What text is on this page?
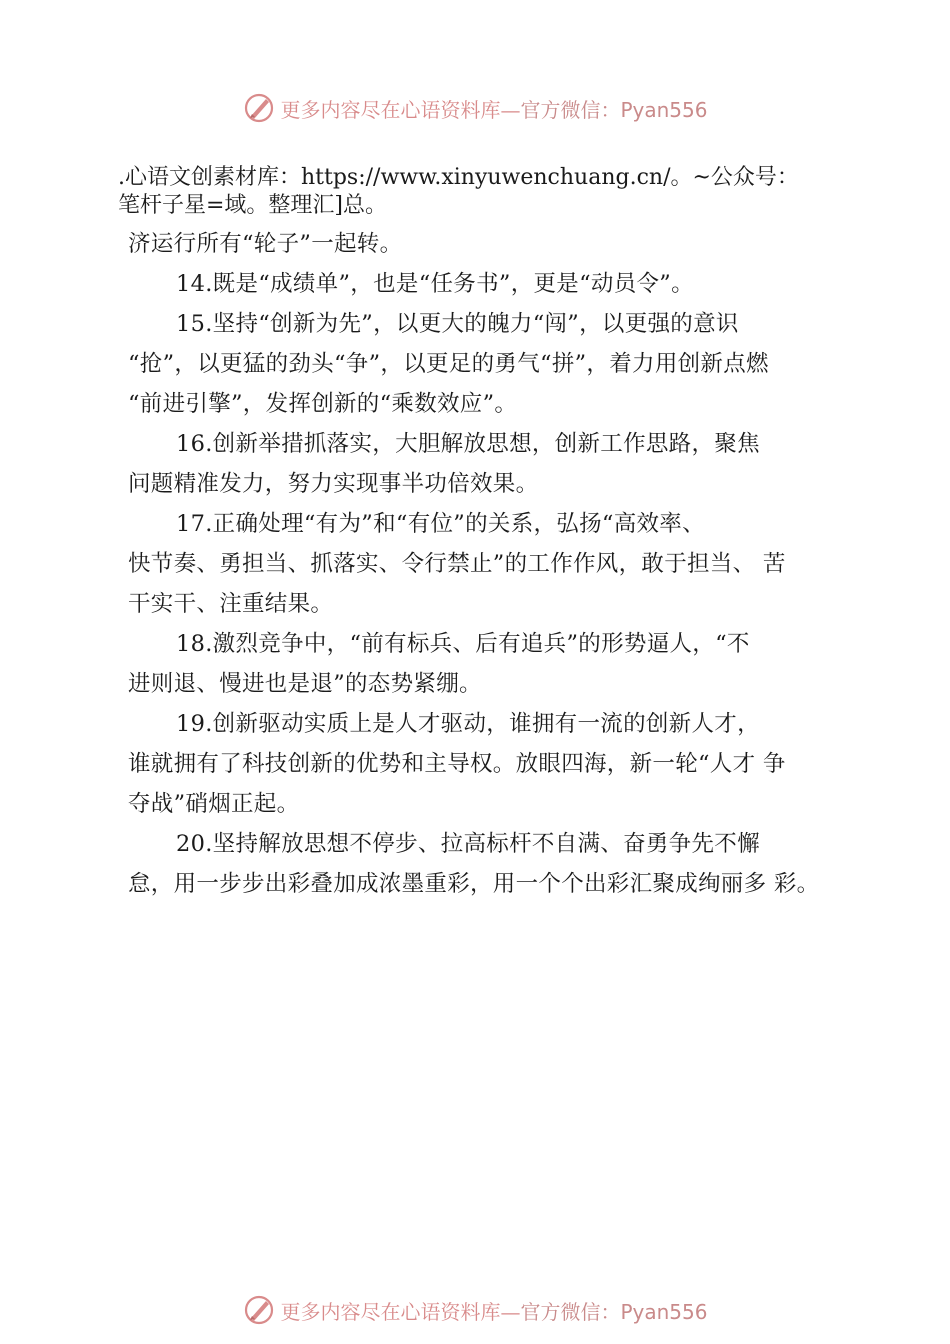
更多内容尽在心语资料库— 官方微信：Pyan556
.心语文创素材库：https://www.xinyuwenchuang.cn/。~公众号：
笔杆子星=域。整理汇]总。
济运行所有“轮子”一起转。
14.既是“成绩单”，也是“任务书”，更是“动员令”。
15.坚持“创新为先”，以更大的魄力“闯”，以更强的意识
“抢”，以更猛的劲头“争”，以更足的勇气“拼”，着力用创新点燃
“前进引擎”，发挥创新的“乘数效应”。
16.创新举措抓落实，大胆解放思想，创新工作思路，聚焦
问题精准发力，努力实现事半功倍效果。
17.正确处理“有为”和“有位”的关系，弘扬“高效率、
快节奏、勇担当、抓落实、令行禁止”的工作作风，敢于担当、 苦
干实干、注重结果。
18.激烈竞争中，“前有标兵、后有追兵”的形势逼人，“不
进则退、慢进也是退”的态势紧绷。
19.创新驱动实质上是人才驱动，谁拥有一流的创新人才，
谁就拥有了科技创新的优势和主导权。放眼四海，新一轮“人才 争
夺战”硝烟正起。
20.坚持解放思想不停步、拉高标杆不自满、奋勇争先不懈
怠，用一步步出彩叠加成浓墨重彩，用一个个出彩汇聚成绚丽多 彩。
更多内容尽在心语资料库— 官方微信：Pyan556
